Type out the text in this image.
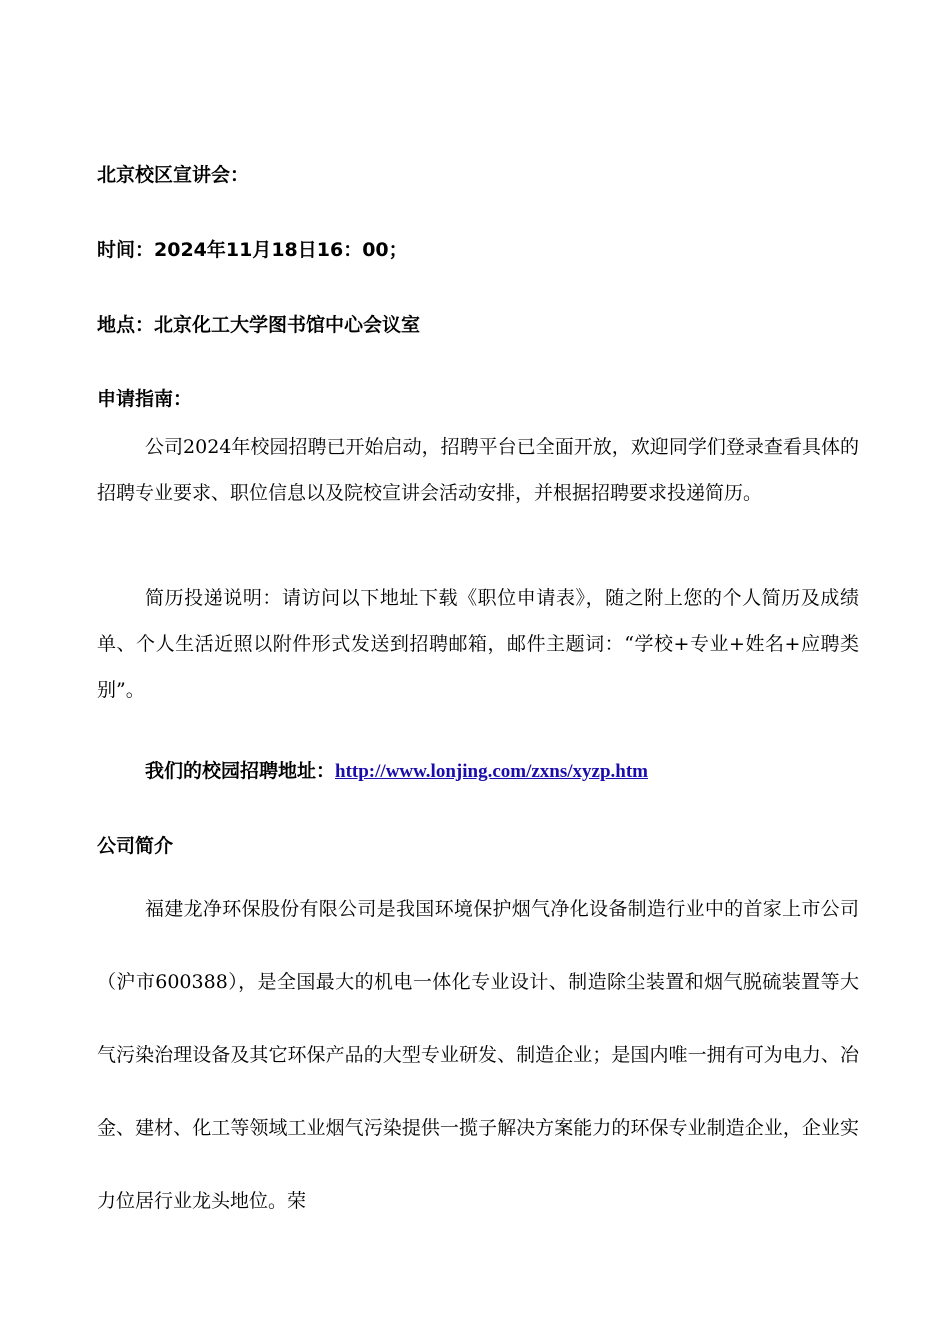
北京校区宣讲会：
时间：2024年11月18日16：00；
地点：北京化工大学图书馆中心会议室
申请指南：

公司2024年校园招聘已开始启动，招聘平台已全面开放，欢迎同学们登录查看具体的招聘专业要求、职位信息以及院校宣讲会活动安排，并根据招聘要求投递简历。

简历投递说明：请访问以下地址下载《职位申请表》，随之附上您的个人简历及成绩单、个人生活近照以附件形式发送到招聘邮箱，邮件主题词：“学校+专业+姓名+应聘类别”。

我们的校园招聘地址：http://www.lonjing.com/zxns/xyzp.htm
公司简介

福建龙净环保股份有限公司是我国环境保护烟气净化设备制造行业中的首家上市公司（沪市600388），是全国最大的机电一体化专业设计、制造除尘装置和烟气脱硫装置等大气污染治理设备及其它环保产品的大型专业研发、制造企业；是国内唯一拥有可为电力、冶金、建材、化工等领域工业烟气污染提供一揽子解决方案能力的环保专业制造企业，企业实力位居行业龙头地位。荣
